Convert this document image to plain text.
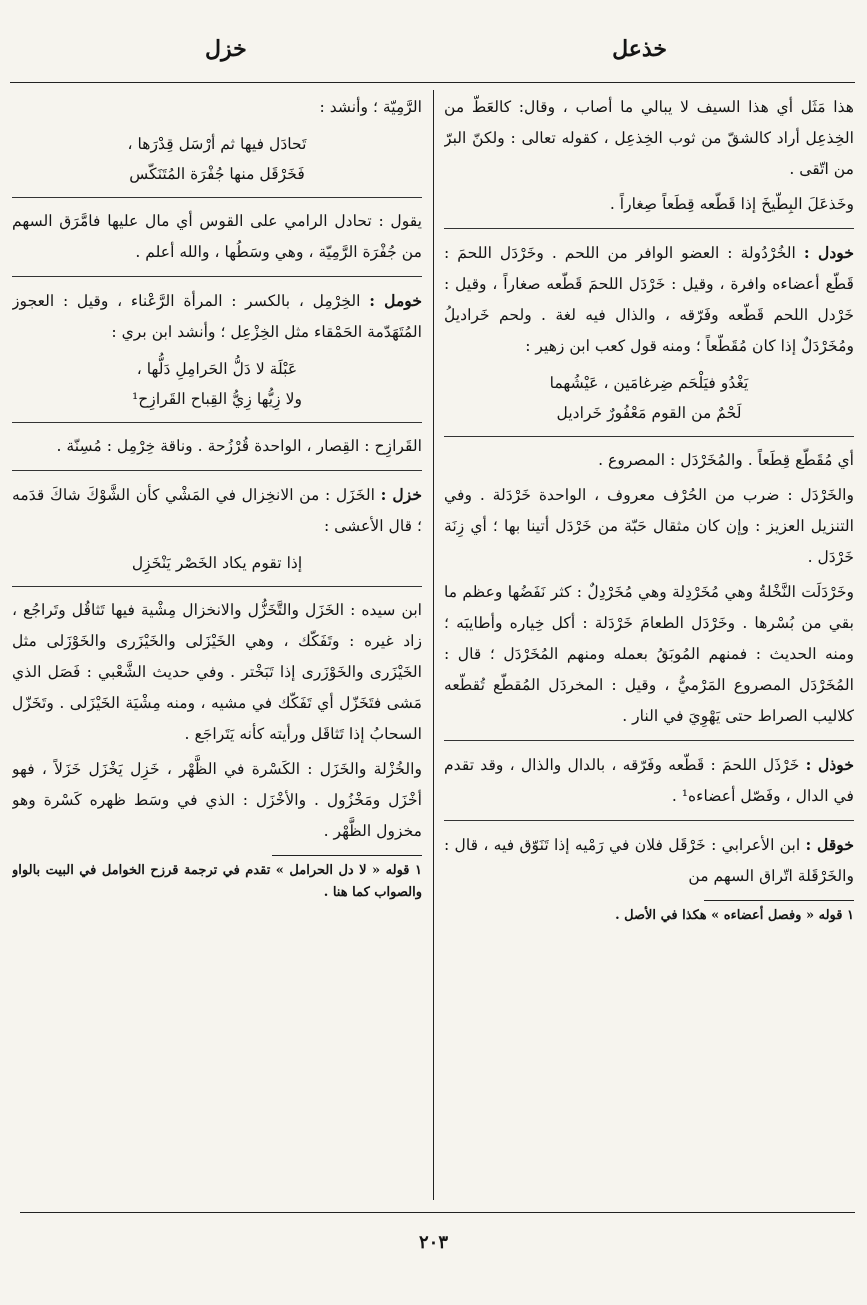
خذعل
خزل

هذا مَثَل أي هذا السيف لا يبالي ما أصاب ، وقال: كالعَطّ من الخِذعِل أراد كالشقّ من ثوب الخِذعِل ، كقوله تعالى : ولكنّ البرّ من اتّقى .

وخَذعَلَ البِطّيخَ إذا قَطّعه قِطَعاً صِغاراً .

خودل : الخُرْدُولة : العضو الوافر من اللحم . وخَرْدَل اللحمَ : قَطّع أعضاءه وافرة ، وقيل : خَرْدَل اللحمَ قَطّعه صغاراً ، وقيل : خَرْدل اللحم قَطّعه وفَرّقه ، والذال فيه لغة . ولحم خَراديلُ ومُخَرْدَلٌ إذا كان مُقَطّعاً ؛ ومنه قول كعب ابن زهير :

يَغْدُو فيَلْحَم ضِرغامَين ، عَيْشُهما
لَحْمٌ من القوم مَعْفُورٌ خَراديل

أي مُقَطّع قِطَعاً . والمُخَرْدَل : المصروع .

والخَرْدَل : ضرب من الحُرْف معروف ، الواحدة خَرْدَلة . وفي التنزيل العزيز : وإن كان مثقال حَبّة من خَرْدَل أتينا بها ؛ أي زِنَة خَرْدَل .

وخَرْدَلَت النَّخْلةُ وهي مُخَرْدِلة وهي مُخَرْدِلٌ : كثر نَفَضُها وعظم ما بقي من بُسْرها . وخَرْدَل الطعامَ خَرْدَلة : أكل خِياره وأطايبَه ؛ ومنه الحديث : فمنهم المُوبَقُ بعمله ومنهم المُخَرْدَل ؛ قال : المُخَرْدَل المصروع المَرْميُّ ، وقيل : المخردَل المُقطّع تُقطّعه كلاليب الصراط حتى يَهْوِيَ في النار .

خوذل : خَرْذَل اللحمَ : قَطّعه وفَرّقه ، بالدال والذال ، وقد تقدم في الدال ، وفَصّل أعضاءه¹ .

خوقل : ابن الأعرابي : خَرْقَل فلان في رَمْيه إذا تَنَوّق فيه ، قال : والخَرْقَلة اتّراق السهم من

١ قوله « وفصل أعضاءه » هكذا في الأصل .

الرَّمِيّة ؛ وأنشد :

تَحادَل فيها ثم أرْسَل قِدْرَها ،
فَخَرْقَل منها جُفْرَة المُتَنَكّس

يقول : تحادل الرامي على القوس أي مال عليها فامَّرَق السهم من جُفْرَة الرَّمِيّة ، وهي وسَطُها ، والله أعلم .

خومل : الخِرْمِل ، بالكسر : المرأة الرَّعْناء ، وقيل : العجوز المُتَهَدّمة الحَمْقاء مثل الخِزْعِل ؛ وأنشد ابن بري :

عَبْلَة لا دَلُّ الحَرامِلِ دَلُّها ،
ولا زِيُّها زِيُّ القِباح القَرازِح¹

القَرازِح : القِصار ، الواحدة قُرْزُحة . وناقة خِرْمِل : مُسِنّة .

خزل : الخَزَل : من الانخِزال في المَشْي كأن الشَّوْكَ شاكَ قدَمه ؛ قال الأعشى :

إذا تقوم يكاد الخَصْر يَنْخَزِل

ابن سيده : الخَزَل والتَّخَزُّل والانخزال مِشْية فيها تَثاقُل وتَراجُع ، زاد غيره : وتَفَكّك ، وهي الخَيْزَلى والخَيْزَرى والخَوْزَلى مثل الخَيْزَرى والخَوْزَرى إذا تَبَخْتر . وفي حديث الشَّعْبي : فَصَل الذي مَشى فتَخَزّل أي تَفَكّك في مشيه ، ومنه مِشْيَة الخَيْزَلى . وتَخَزّل السحابُ إذا تَثاقَل ورأيته كأنه يَتَراجَع .

والخُزْلة والخَزَل : الكَسْرة في الظَّهْر ، خَزِل يَخْزَل خَزَلاً ، فهو أخْزَل ومَخْزُول . والأخْزَل : الذي في وسَط ظهره كَسْرة وهو مخزول الظَّهْر .

١ قوله « لا دل الحرامل » تقدم في ترجمة قرزح الخوامل في البيت بالواو والصواب كما هنا .
٢٠٣
